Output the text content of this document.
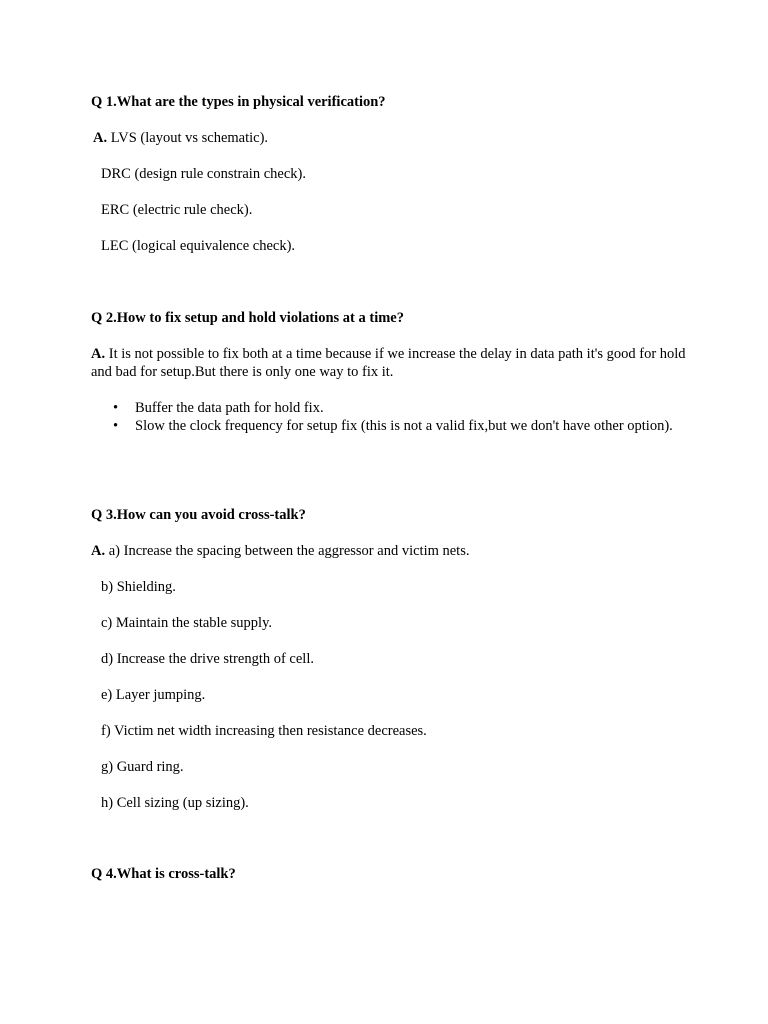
Q 1.What are the types in physical verification?
A. LVS (layout vs schematic).
DRC (design rule constrain check).
ERC (electric rule check).
LEC (logical equivalence check).
Q 2.How to fix setup and hold violations at a time?
A. It is not possible to fix both at a time because if we increase the delay in data path it's good for hold and bad for setup.But there is only one way to fix it.
• Buffer the data path for hold fix.
• Slow the clock frequency for setup fix (this is not a valid fix,but we don't have other option).
Q 3.How can you avoid cross-talk?
A. a) Increase the spacing between the aggressor and victim nets.
b) Shielding.
c) Maintain the stable supply.
d) Increase the drive strength of cell.
e) Layer jumping.
f) Victim net width increasing then resistance decreases.
g) Guard ring.
h) Cell sizing (up sizing).
Q 4.What is cross-talk?
